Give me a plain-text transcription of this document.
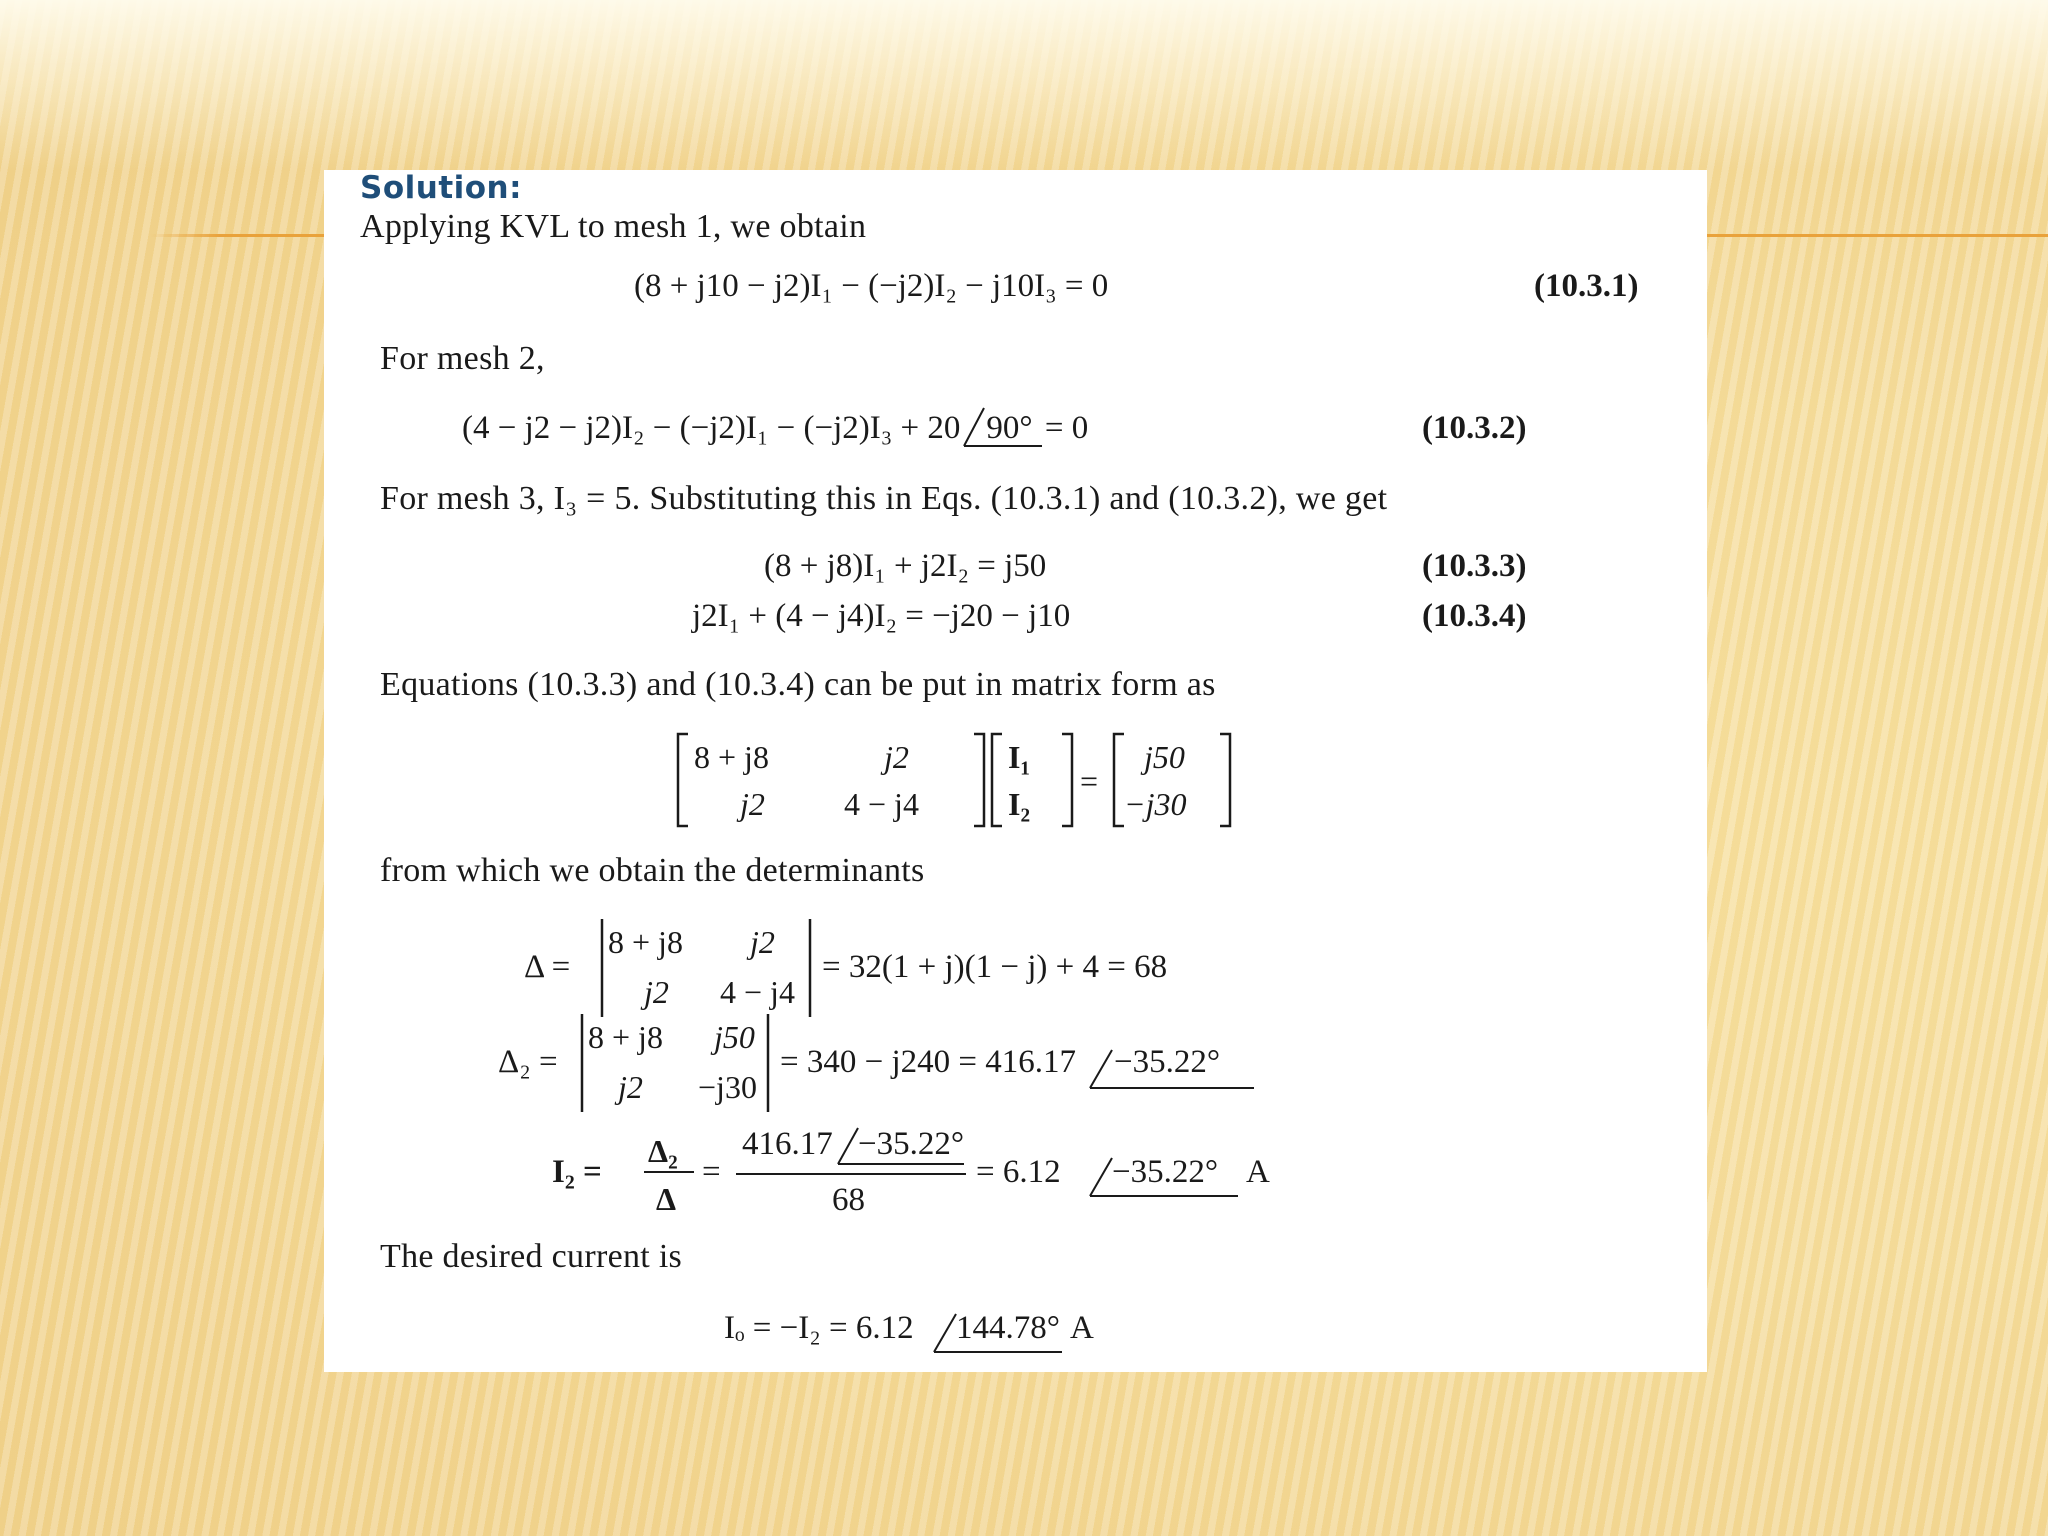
Solution:
Applying KVL to mesh 1, we obtain
(8 + j10 − j2)I₁ − (−j2)I₂ − j10I₃ = 0	(10.3.1)
For mesh 2,
(4 − j2 − j2)I₂ − (−j2)I₁ − (−j2)I₃ + 20 90° = 0	(10.3.2)
For mesh 3, I₃ = 5. Substituting this in Eqs. (10.3.1) and (10.3.2), we get
(8 + j8)I₁ + j2I₂ = j50	(10.3.3)
j2I₁ + (4 − j4)I₂ = −j20 − j10	(10.3.4)
Equations (10.3.3) and (10.3.4) can be put in matrix form as
8 + j8	j2
j2 4 − j4
I₁
I₂
=
j50
−j30
from which we obtain the determinants
Δ =
8 + j8 j2
j2 4 − j4
= 32(1 + j)(1 − j) + 4 = 68
Δ₂ =
8 + j8 j50
j2 −j30
= 340 − j240 = 416.17 −35.22°
I₂ =
Δ₂
Δ
=
416.17 −35.22°
68
= 6.12 −35.22° A
The desired current is
Iₒ = −I₂ = 6.12 144.78° A
